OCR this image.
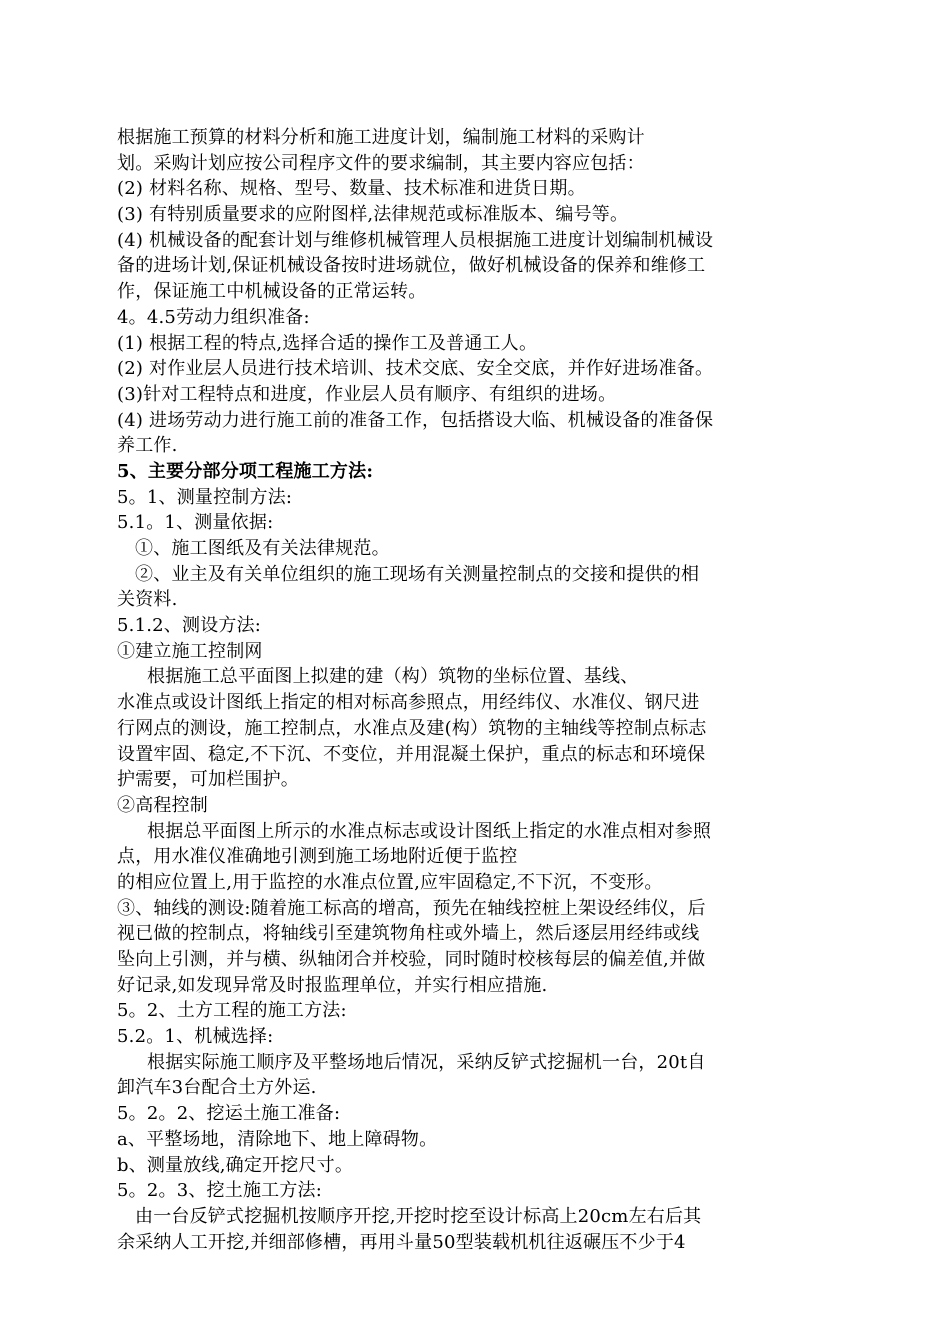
根据施工预算的材料分析和施工进度计划，编制施工材料的采购计
划。采购计划应按公司程序文件的要求编制，其主要内容应包括：
(2) 材料名称、规格、型号、数量、技术标准和进货日期。
(3) 有特别质量要求的应附图样,法律规范或标准版本、编号等。
(4) 机械设备的配套计划与维修机械管理人员根据施工进度计划编制机械设
备的进场计划,保证机械设备按时进场就位，做好机械设备的保养和维修工
作，保证施工中机械设备的正常运转。
4。4.5劳动力组织准备:
(1) 根据工程的特点,选择合适的操作工及普通工人。
(2) 对作业层人员进行技术培训、技术交底、安全交底，并作好进场准备。
(3)针对工程特点和进度，作业层人员有顺序、有组织的进场。
(4) 进场劳动力进行施工前的准备工作，包括搭设大临、机械设备的准备保
养工作.
5、主要分部分项工程施工方法:
5。1、测量控制方法:
5.1。1、测量依据:
①、施工图纸及有关法律规范。
②、业主及有关单位组织的施工现场有关测量控制点的交接和提供的相
关资料.
5.1.2、测设方法:
①建立施工控制网
根据施工总平面图上拟建的建（构）筑物的坐标位置、基线、
水准点或设计图纸上指定的相对标高参照点，用经纬仪、水准仪、钢尺进
行网点的测设，施工控制点，水准点及建(构）筑物的主轴线等控制点标志
设置牢固、稳定,不下沉、不变位，并用混凝土保护，重点的标志和环境保
护需要，可加栏围护。
②高程控制
根据总平面图上所示的水准点标志或设计图纸上指定的水准点相对参照
点，用水准仪准确地引测到施工场地附近便于监控
的相应位置上,用于监控的水准点位置,应牢固稳定,不下沉，不变形。
③、轴线的测设:随着施工标高的增高，预先在轴线控桩上架设经纬仪，后
视已做的控制点，将轴线引至建筑物角柱或外墙上，然后逐层用经纬或线
坠向上引测，并与横、纵轴闭合并校验，同时随时校核每层的偏差值,并做
好记录,如发现异常及时报监理单位，并实行相应措施.
5。2、土方工程的施工方法:
5.2。1、机械选择:
根据实际施工顺序及平整场地后情况，采纳反铲式挖掘机一台，20t自
卸汽车3台配合土方外运.
5。2。2、挖运土施工准备:
a、平整场地，清除地下、地上障碍物。
b、测量放线,确定开挖尺寸。
5。2。3、挖土施工方法:
由一台反铲式挖掘机按顺序开挖,开挖时挖至设计标高上20cm左右后其
余采纳人工开挖,并细部修槽，再用斗量50型装载机机往返碾压不少于4
